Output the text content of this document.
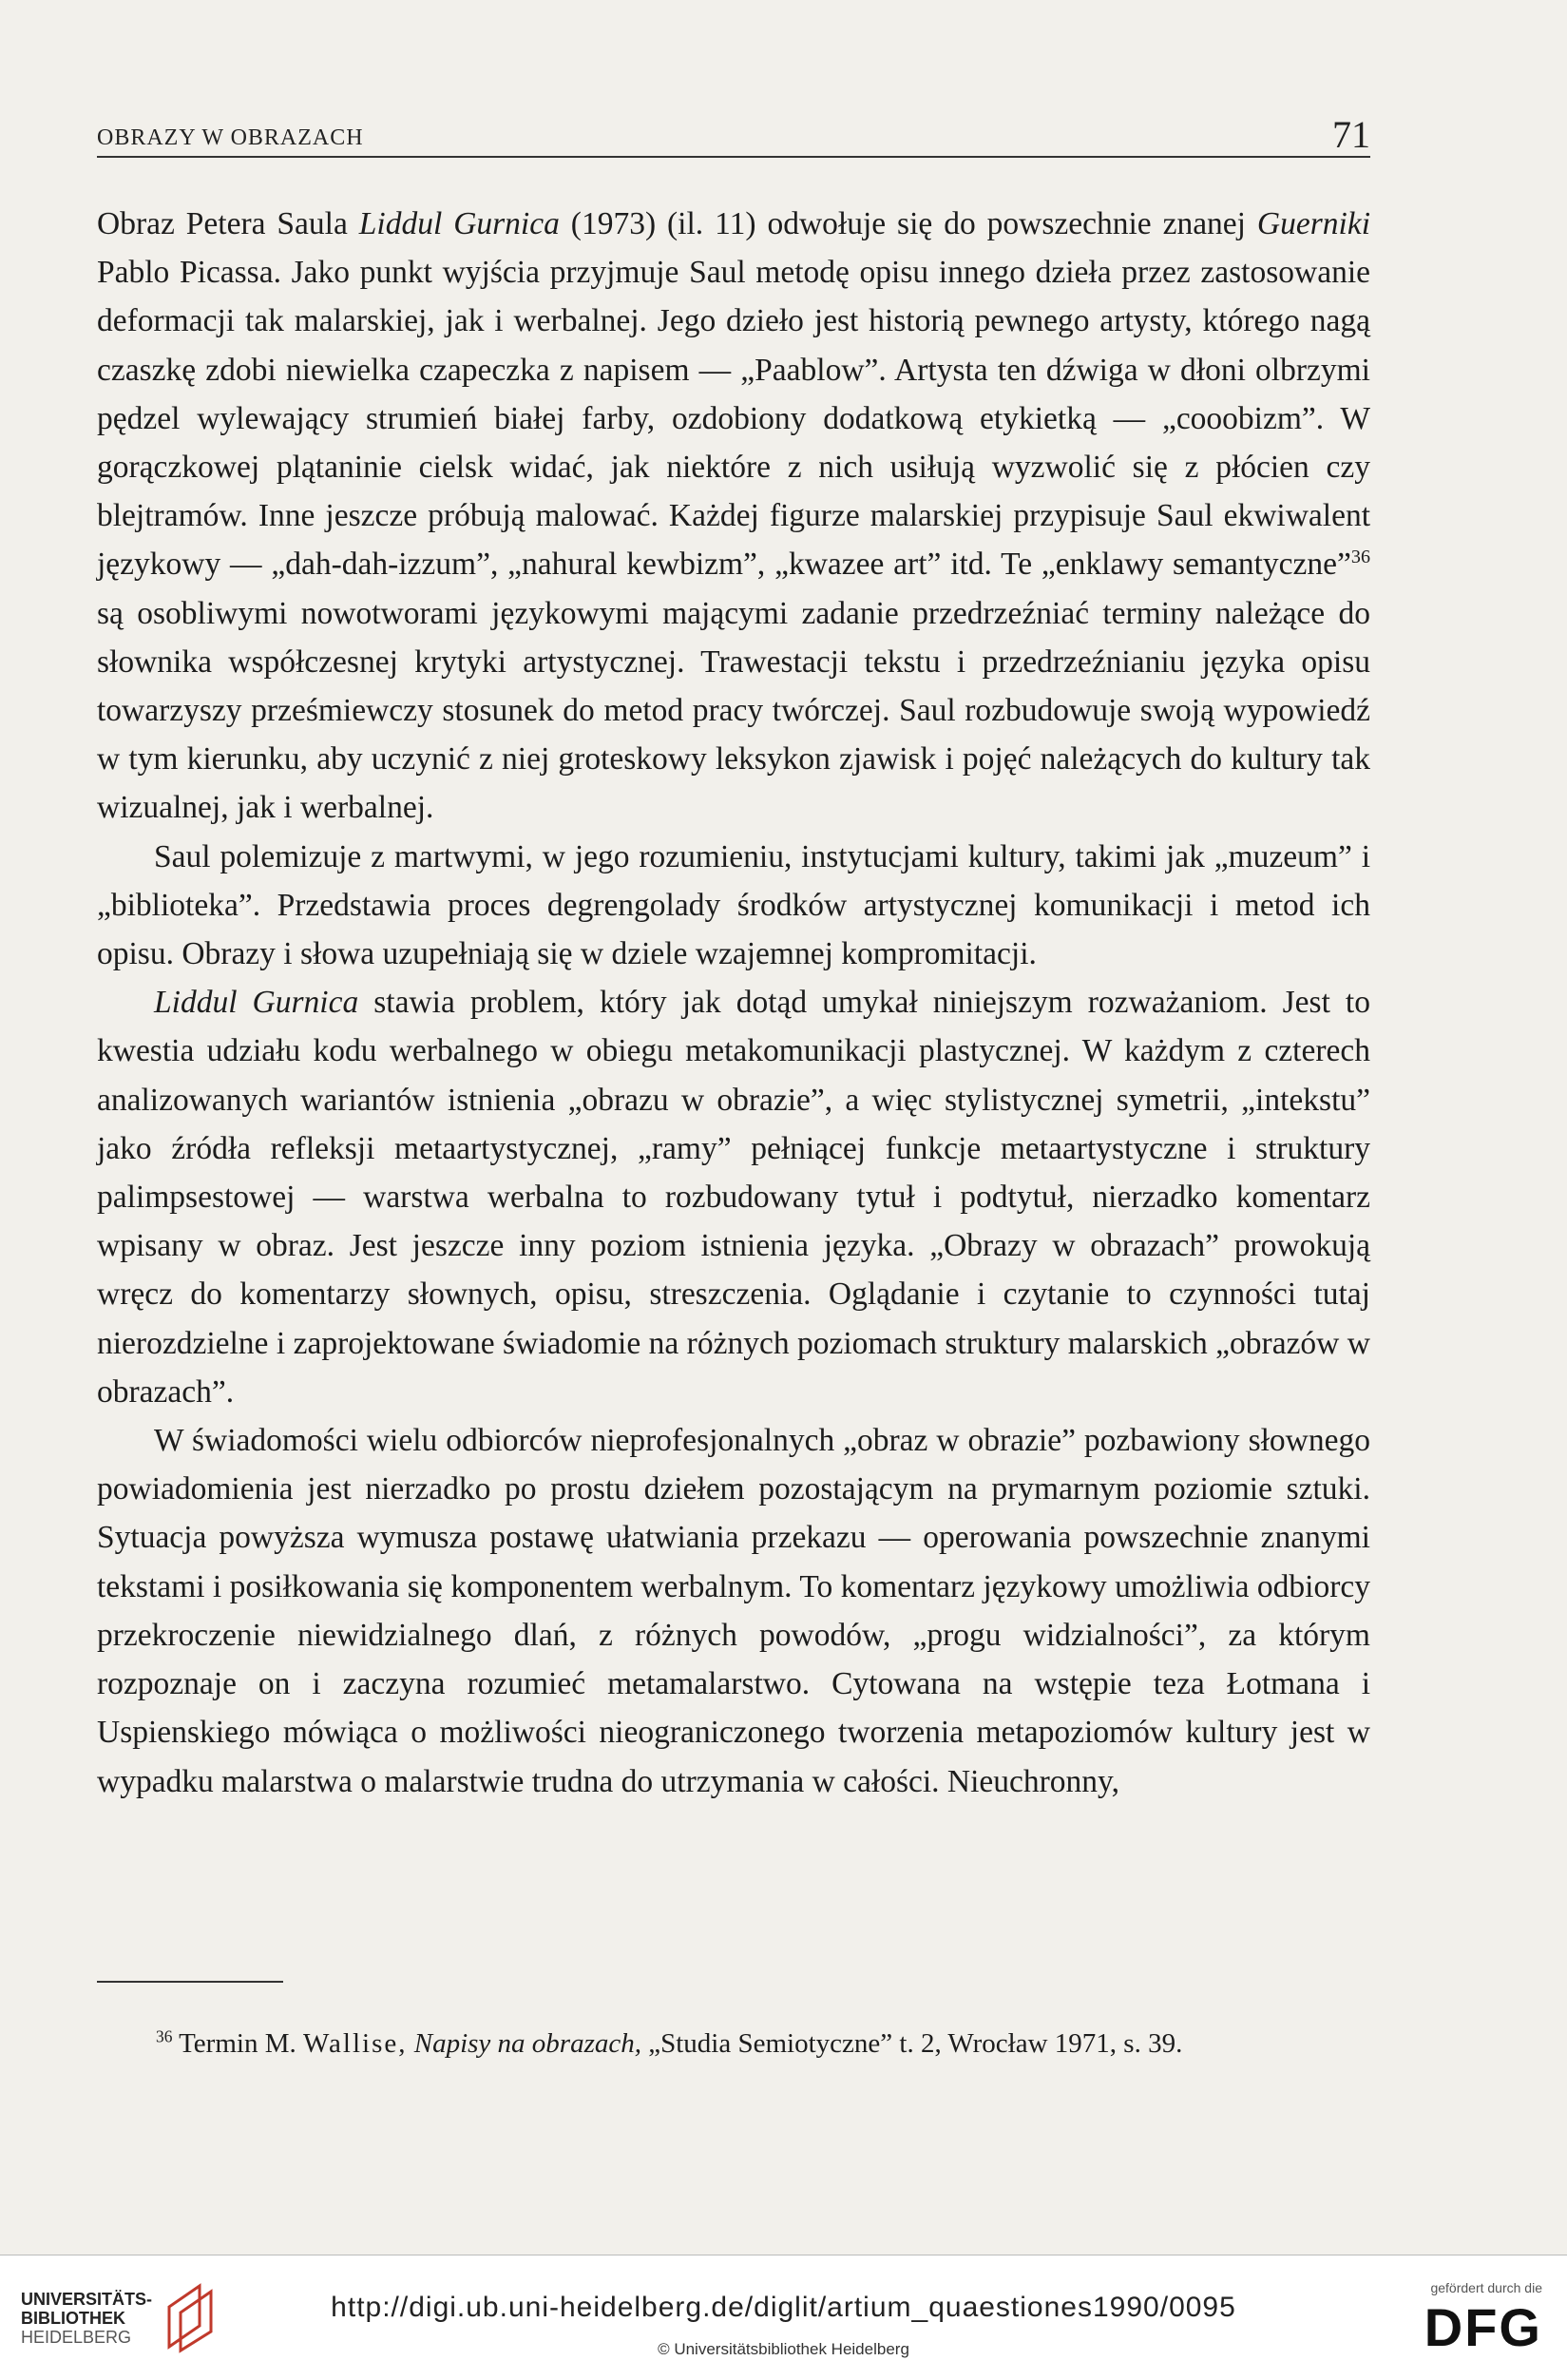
OBRAZY W OBRAZACH	71

Obraz Petera Saula Liddul Gurnica (1973) (il. 11) odwołuje się do powszechnie znanej Guerniki Pablo Picassa. Jako punkt wyjścia przyjmuje Saul metodę opisu innego dzieła przez zastosowanie deformacji tak malarskiej, jak i werbalnej. Jego dzieło jest historią pewnego artysty, którego nagą czaszkę zdobi niewielka czapeczka z napisem — „Paablow”. Artysta ten dźwiga w dłoni olbrzymi pędzel wylewający strumień białej farby, ozdobiony dodatkową etykietką — „cooobizm”. W gorączkowej plątaninie cielsk widać, jak niektóre z nich usiłują wyzwolić się z płócien czy blejtramów. Inne jeszcze próbują malować. Każdej figurze malarskiej przypisuje Saul ekwiwalent językowy — „dah-dah-izzum”, „nahural kewbizm”, „kwazee art” itd. Te „enklawy semantyczne”$^{36}$ są osobliwymi nowotworami językowymi mającymi zadanie przedrzeźniać terminy należące do słownika współczesnej krytyki artystycznej. Trawestacji tekstu i przedrzeźnianiu języka opisu towarzyszy prześmiewczy stosunek do metod pracy twórczej. Saul rozbudowuje swoją wypowiedź w tym kierunku, aby uczynić z niej groteskowy leksykon zjawisk i pojęć należących do kultury tak wizualnej, jak i werbalnej.

Saul polemizuje z martwymi, w jego rozumieniu, instytucjami kultury, takimi jak „muzeum” i „biblioteka”. Przedstawia proces degrengolady środków artystycznej komunikacji i metod ich opisu. Obrazy i słowa uzupełniają się w dziele wzajemnej kompromitacji.

Liddul Gurnica stawia problem, który jak dotąd umykał niniejszym rozważaniom. Jest to kwestia udziału kodu werbalnego w obiegu metakomunikacji plastycznej. W każdym z czterech analizowanych wariantów istnienia „obrazu w obrazie”, a więc stylistycznej symetrii, „intekstu” jako źródła refleksji metaartystycznej, „ramy” pełniącej funkcje metaartystyczne i struktury palimpsestowej — warstwa werbalna to rozbudowany tytuł i podtytuł, nierzadko komentarz wpisany w obraz. Jest jeszcze inny poziom istnienia języka. „Obrazy w obrazach” prowokują wręcz do komentarzy słownych, opisu, streszczenia. Oglądanie i czytanie to czynności tutaj nierozdzielne i zaprojektowane świadomie na różnych poziomach struktury malarskich „obrazów w obrazach”.

W świadomości wielu odbiorców nieprofesjonalnych „obraz w obrazie” pozbawiony słownego powiadomienia jest nierzadko po prostu dziełem pozostającym na prymarnym poziomie sztuki. Sytuacja powyższa wymusza postawę ułatwiania przekazu — operowania powszechnie znanymi tekstami i posiłkowania się komponentem werbalnym. To komentarz językowy umożliwia odbiorcy przekroczenie niewidzialnego dlań, z różnych powodów, „progu widzialności”, za którym rozpoznaje on i zaczyna rozumieć metamalarstwo. Cytowana na wstępie teza Łotmana i Uspienskiego mówiąca o możliwości nieograniczonego tworzenia metapoziomów kultury jest w wypadku malarstwa o malarstwie trudna do utrzymania w całości. Nieuchronny,

$^{36}$ Termin M. Wallise, Napisy na obrazach, „Studia Semiotyczne” t. 2, Wrocław 1971, s. 39.
UNIVERSITÄTS-
BIBLIOTHEK
HEIDELBERG
http://digi.ub.uni-heidelberg.de/diglit/artium_quaestiones1990/0095
© Universitätsbibliothek Heidelberg
gefördert durch die
DFG
